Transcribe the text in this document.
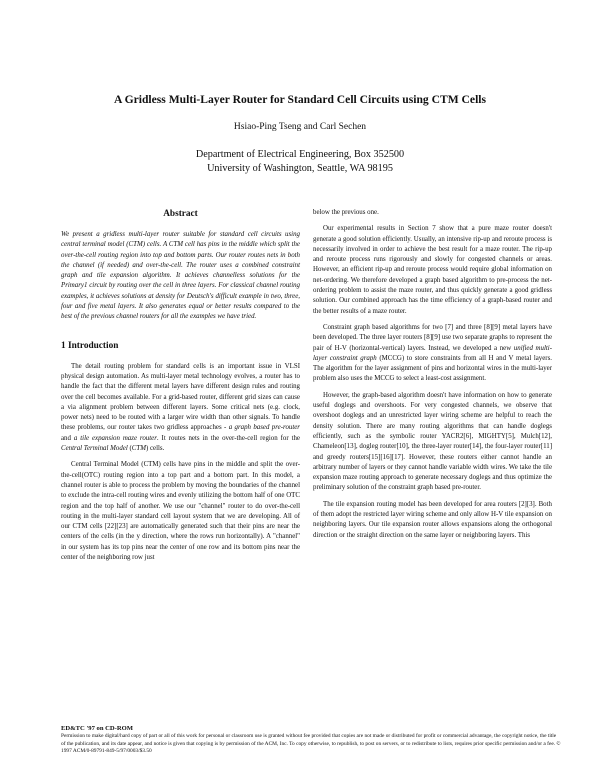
A Gridless Multi-Layer Router for Standard Cell Circuits using CTM Cells
Hsiao-Ping Tseng and Carl Sechen
Department of Electrical Engineering, Box 352500
University of Washington, Seattle, WA 98195
Abstract

We present a gridless multi-layer router suitable for standard cell circuits using central terminal model (CTM) cells. A CTM cell has pins in the middle which split the over-the-cell routing region into top and bottom parts. Our router routes nets in both the channel (if needed) and over-the-cell. The router uses a combined constraint graph and tile expansion algorithm. It achieves channelless solutions for the Primary1 circuit by routing over the cell in three layers. For classical channel routing examples, it achieves solutions at density for Deutsch's difficult example in two, three, four and five metal layers. It also generates equal or better results compared to the best of the previous channel routers for all the examples we have tried.

1 Introduction

The detail routing problem for standard cells is an important issue in VLSI physical design automation. As multi-layer metal technology evolves, a router has to handle the fact that the different metal layers have different design rules and routing over the cell becomes available. For a grid-based router, different grid sizes can cause a via alignment problem between different layers. Some critical nets (e.g. clock, power nets) need to be routed with a larger wire width than other signals. To handle these problems, our router takes two gridless approaches - a graph based pre-router and a tile expansion maze router. It routes nets in the over-the-cell region for the Central Terminal Model (CTM) cells.

Central Terminal Model (CTM) cells have pins in the middle and split the over-the-cell(OTC) routing region into a top part and a bottom part. In this model, a channel router is able to process the problem by moving the boundaries of the channel to exclude the intra-cell routing wires and evenly utilizing the bottom half of one OTC region and the top half of another. We use our "channel" router to do over-the-cell routing in the multi-layer standard cell layout system that we are developing. All of our CTM cells [22][23] are automatically generated such that their pins are near the centers of the cells (in the y direction, where the rows run horizontally). A "channel" in our system has its top pins near the center of one row and its bottom pins near the center of the neighboring row just

below the previous one.

Our experimental results in Section 7 show that a pure maze router doesn't generate a good solution efficiently. Usually, an intensive rip-up and reroute process is necessarily involved in order to achieve the best result for a maze router. The rip-up and reroute process runs rigorously and slowly for congested channels or areas. However, an efficient rip-up and reroute process would require global information on net-ordering. We therefore developed a graph based algorithm to pre-process the net-ordering problem to assist the maze router, and thus quickly generate a good gridless solution. Our combined approach has the time efficiency of a graph-based router and the better results of a maze router.

Constraint graph based algorithms for two [7] and three [8][9] metal layers have been developed. The three layer routers [8][9] use two separate graphs to represent the pair of H-V (horizontal-vertical) layers. Instead, we developed a new unified multi-layer constraint graph (MCCG) to store constraints from all H and V metal layers. The algorithm for the layer assignment of pins and horizontal wires in the multi-layer problem also uses the MCCG to select a least-cost assignment.

However, the graph-based algorithm doesn't have information on how to generate useful doglegs and overshoots. For very congested channels, we observe that overshoot doglegs and an unrestricted layer wiring scheme are helpful to reach the density solution. There are many routing algorithms that can handle doglegs efficiently, such as the symbolic router YACR2[6], MIGHTY[5], Mulch[12], Chameleon[13], dogleg router[10], the three-layer router[14], the four-layer router[11] and greedy routers[15][16][17]. However, these routers either cannot handle an arbitrary number of layers or they cannot handle variable width wires. We take the tile expansion maze routing approach to generate necessary doglegs and thus optimize the preliminary solution of the constraint graph based pre-router.

The tile expansion routing model has been developed for area routers [2][3]. Both of them adopt the restricted layer wiring scheme and only allow H-V tile expansion on neighboring layers. Our tile expansion router allows expansions along the orthogonal direction or the straight direction on the same layer or neighboring layers. This

ED&TC '97 on CD-ROM
Permission to make digital/hard copy of part or all of this work for personal or classroom use is granted without fee provided that copies are not made or distributed for profit or commercial advantage, the copyright notice, the title of the publication, and its date appear, and notice is given that copying is by permission of the ACM, Inc. To copy otherwise, to republish, to post on servers, or to redistribute to lists, requires prior specific permission and/or a fee. © 1997 ACM/0-89791-849-5/97/0003/$3.50
